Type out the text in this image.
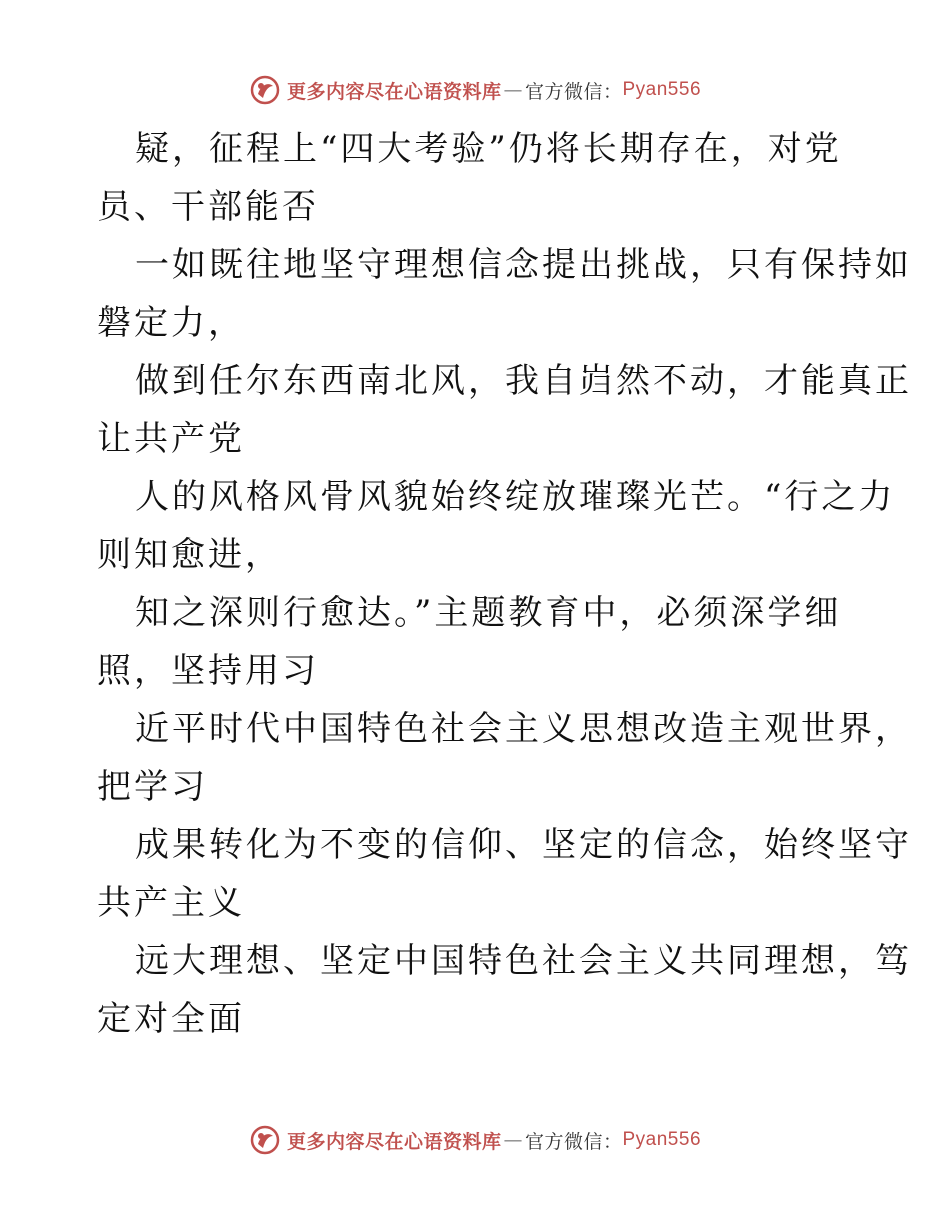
更多内容尽在心语资料库 — 官方微信： Pyan556
疑，征程上“四大考验”仍将长期存在，对党
员、干部能否
一如既往地坚守理想信念提出挑战，只有保持如
磐定力，
做到任尔东西南北风，我自岿然不动，才能真正
让共产党
人的风格风骨风貌始终绽放璀璨光芒。“行之力
则知愈进，
知之深则行愈达。”主题教育中，必须深学细
照，坚持用习
近平时代中国特色社会主义思想改造主观世界，
把学习
成果转化为不变的信仰、坚定的信念，始终坚守
共产主义
远大理想、坚定中国特色社会主义共同理想，笃
定对全面
更多内容尽在心语资料库 — 官方微信： Pyan556
